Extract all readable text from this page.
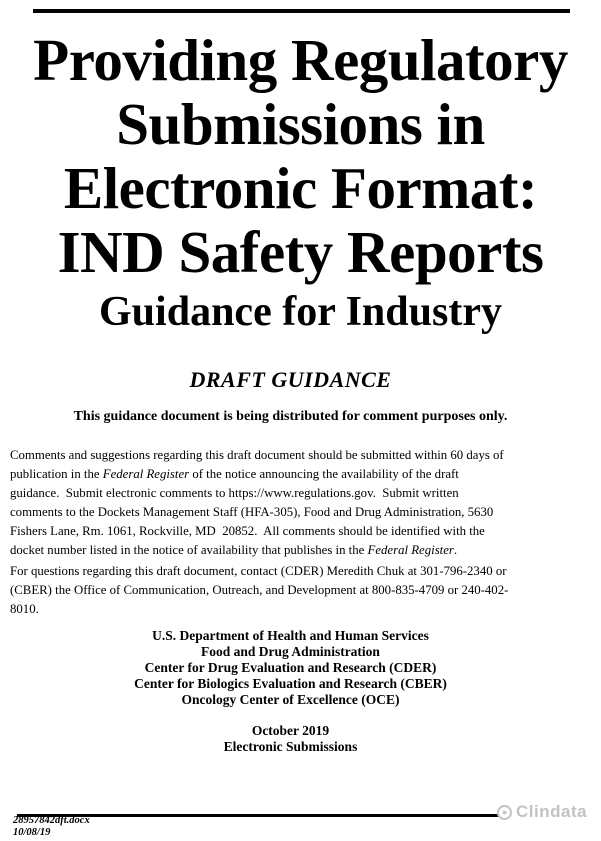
Providing Regulatory
Submissions in
Electronic Format:
IND Safety Reports
Guidance for Industry
DRAFT GUIDANCE
This guidance document is being distributed for comment purposes only.
Comments and suggestions regarding this draft document should be submitted within 60 days of
publication in the Federal Register of the notice announcing the availability of the draft
guidance.  Submit electronic comments to https://www.regulations.gov.  Submit written
comments to the Dockets Management Staff (HFA-305), Food and Drug Administration, 5630
Fishers Lane, Rm. 1061, Rockville, MD  20852.  All comments should be identified with the
docket number listed in the notice of availability that publishes in the Federal Register.
For questions regarding this draft document, contact (CDER) Meredith Chuk at 301-796-2340 or
(CBER) the Office of Communication, Outreach, and Development at 800-835-4709 or 240-402-
8010.
U.S. Department of Health and Human Services
Food and Drug Administration
Center for Drug Evaluation and Research (CDER)
Center for Biologics Evaluation and Research (CBER)
Oncology Center of Excellence (OCE)
October 2019
Electronic Submissions
28957842dft.docx
10/08/19
Clindata
